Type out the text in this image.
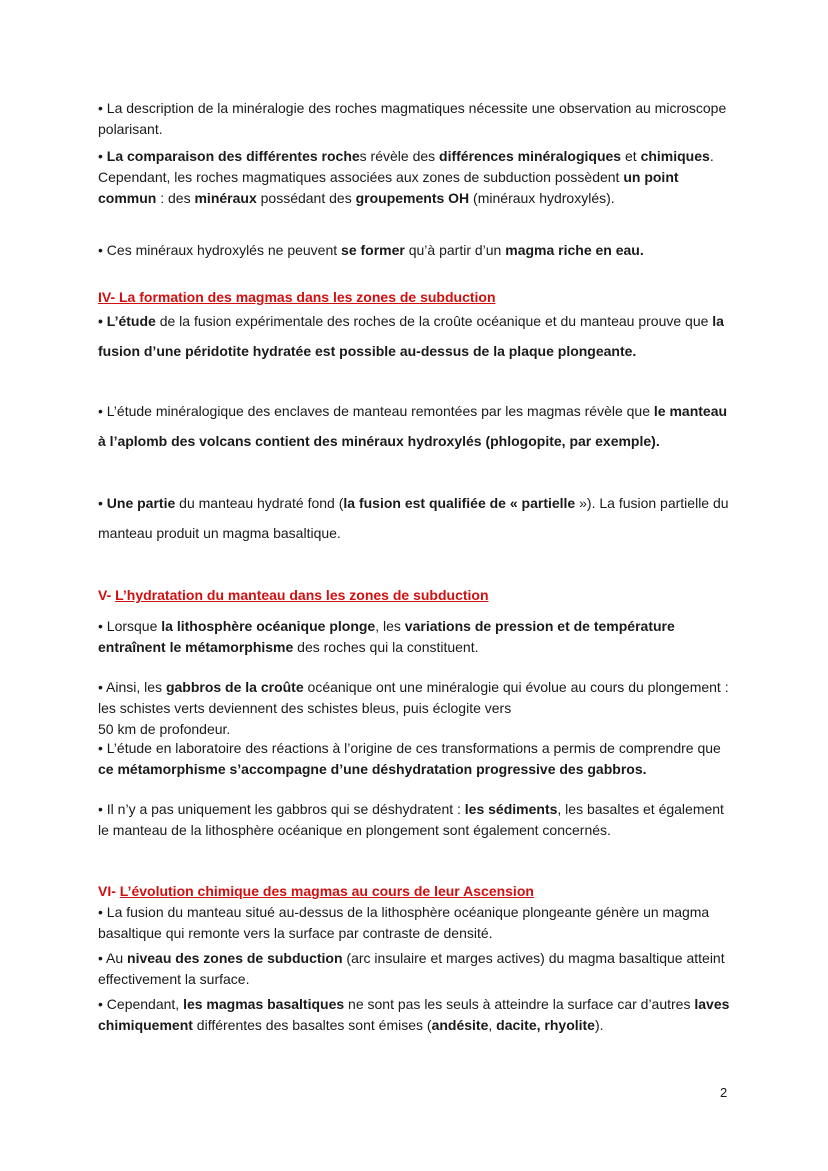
• La description de la minéralogie des roches magmatiques nécessite une observation au microscope polarisant.

• La comparaison des différentes roches révèle des différences minéralogiques et chimiques. Cependant, les roches magmatiques associées aux zones de subduction possèdent un point commun : des minéraux possédant des groupements OH (minéraux hydroxylés).

• Ces minéraux hydroxylés ne peuvent se former qu’à partir d’un magma riche en eau.

IV- La formation des magmas dans les zones de subduction

• L’étude de la fusion expérimentale des roches de la croûte océanique et du manteau prouve que la fusion d’une péridotite hydratée est possible au-dessus de la plaque plongeante.

• L’étude minéralogique des enclaves de manteau remontées par les magmas révèle que le manteau à l’aplomb des volcans contient des minéraux hydroxylés (phlogopite, par exemple).

• Une partie du manteau hydraté fond (la fusion est qualifiée de « partielle »). La fusion partielle du manteau produit un magma basaltique.

V- L’hydratation du manteau dans les zones de subduction

• Lorsque la lithosphère océanique plonge, les variations de pression et de température entraînent le métamorphisme des roches qui la constituent.

• Ainsi, les gabbros de la croûte océanique ont une minéralogie qui évolue au cours du plongement : les schistes verts deviennent des schistes bleus, puis éclogite vers

50 km de profondeur.

• L’étude en laboratoire des réactions à l’origine de ces transformations a permis de comprendre que ce métamorphisme s’accompagne d’une déshydratation progressive des gabbros.

• Il n’y a pas uniquement les gabbros qui se déshydratent : les sédiments, les basaltes et également le manteau de la lithosphère océanique en plongement sont également concernés.

VI- L’évolution chimique des magmas au cours de leur Ascension

• La fusion du manteau situé au-dessus de la lithosphère océanique plongeante génère un magma basaltique qui remonte vers la surface par contraste de densité.

• Au niveau des zones de subduction (arc insulaire et marges actives) du magma basaltique atteint effectivement la surface.

• Cependant, les magmas basaltiques ne sont pas les seuls à atteindre la surface car d’autres laves chimiquement différentes des basaltes sont émises (andésite, dacite, rhyolite).

2
